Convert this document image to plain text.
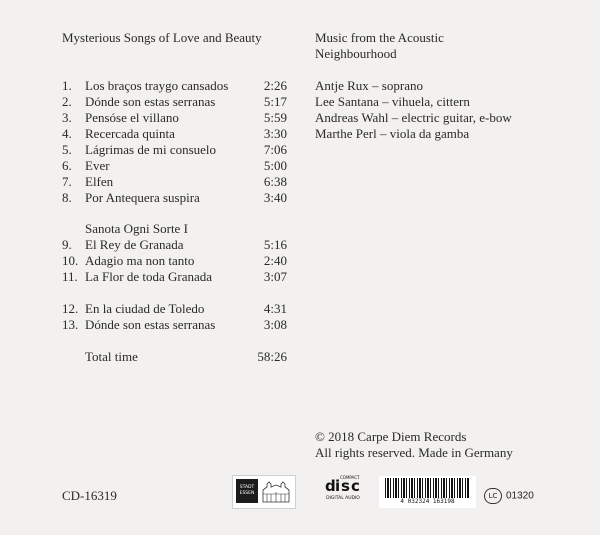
Mysterious Songs of Love and Beauty	Music from the Acoustic
Neighbourhood
1.	Los braços traygo cansados	2:26
2.	Dónde son estas serranas	5:17
3.	Pensóse el villano	5:59
4.	Recercada quinta	3:30
5.	Lágrimas de mi consuelo	7:06
6.	Ever	5:00
7.	Elfen	6:38
8.	Por Antequera suspira	3:40
Sanota Ogni Sorte I
9.	El Rey de Granada	5:16
10. Adagio ma non tanto	2:40
11. La Flor de toda Granada	3:07
12. En la ciudad de Toledo	4:31
13. Dónde son estas serranas	3:08
Total time	58:26
Antje Rux – soprano
Lee Santana – vihuela, cittern
Andreas Wahl – electric guitar, e-bow
Marthe Perl – viola da gamba
© 2018 Carpe Diem Records
All rights reserved. Made in Germany
CD-16319
STADT
ESSEN	d i s c
COMPACT
DIGITAL AUDIO	4 032324 163198
LC 01320
